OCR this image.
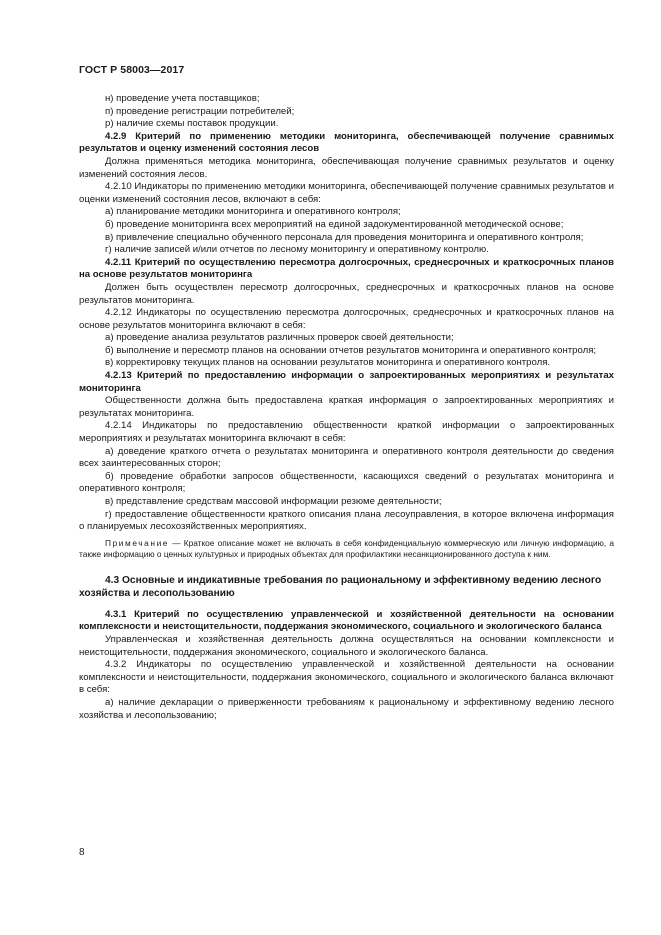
ГОСТ Р 58003—2017

н) проведение учета поставщиков;

п) проведение регистрации потребителей;

р) наличие схемы поставок продукции.

4.2.9 Критерий по применению методики мониторинга, обеспечивающей получение сравнимых результатов и оценку изменений состояния лесов

Должна применяться методика мониторинга, обеспечивающая получение сравнимых результатов и оценку изменений состояния лесов.

4.2.10 Индикаторы по применению методики мониторинга, обеспечивающей получение сравнимых результатов и оценки изменений состояния лесов, включают в себя:

а) планирование методики мониторинга и оперативного контроля;

б) проведение мониторинга всех мероприятий на единой задокументированной методической основе;

в) привлечение специально обученного персонала для проведения мониторинга и оперативного контроля;

г) наличие записей и/или отчетов по лесному мониторингу и оперативному контролю.

4.2.11 Критерий по осуществлению пересмотра долгосрочных, среднесрочных и краткосрочных планов на основе результатов мониторинга

Должен быть осуществлен пересмотр долгосрочных, среднесрочных и краткосрочных планов на основе результатов мониторинга.

4.2.12 Индикаторы по осуществлению пересмотра долгосрочных, среднесрочных и краткосрочных планов на основе результатов мониторинга включают в себя:

а) проведение анализа результатов различных проверок своей деятельности;

б) выполнение и пересмотр планов на основании отчетов результатов мониторинга и оперативного контроля;

в) корректировку текущих планов на основании результатов мониторинга и оперативного контроля.

4.2.13 Критерий по предоставлению информации о запроектированных мероприятиях и результатах мониторинга

Общественности должна быть предоставлена краткая информация о запроектированных мероприятиях и результатах мониторинга.

4.2.14 Индикаторы по предоставлению общественности краткой информации о запроектированных мероприятиях и результатах мониторинга включают в себя:

а) доведение краткого отчета о результатах мониторинга и оперативного контроля деятельности до сведения всех заинтересованных сторон;

б) проведение обработки запросов общественности, касающихся сведений о результатах мониторинга и оперативного контроля;

в) представление средствам массовой информации резюме деятельности;

г) предоставление общественности краткого описания плана лесоуправления, в которое включена информация о планируемых лесохозяйственных мероприятиях.

Примечание — Краткое описание может не включать в себя конфиденциальную коммерческую или личную информацию, а также информацию о ценных культурных и природных объектах для профилактики несанкционированного доступа к ним.

4.3 Основные и индикативные требования по рациональному и эффективному ведению лесного хозяйства и лесопользованию

4.3.1 Критерий по осуществлению управленческой и хозяйственной деятельности на основании комплексности и неистощительности, поддержания экономического, социального и экологического баланса

Управленческая и хозяйственная деятельность должна осуществляться на основании комплексности и неистощительности, поддержания экономического, социального и экологического баланса.

4.3.2 Индикаторы по осуществлению управленческой и хозяйственной деятельности на основании комплексности и неистощительности, поддержания экономического, социального и экологического баланса включают в себя:

а) наличие декларации о приверженности требованиям к рациональному и эффективному ведению лесного хозяйства и лесопользованию;

8
